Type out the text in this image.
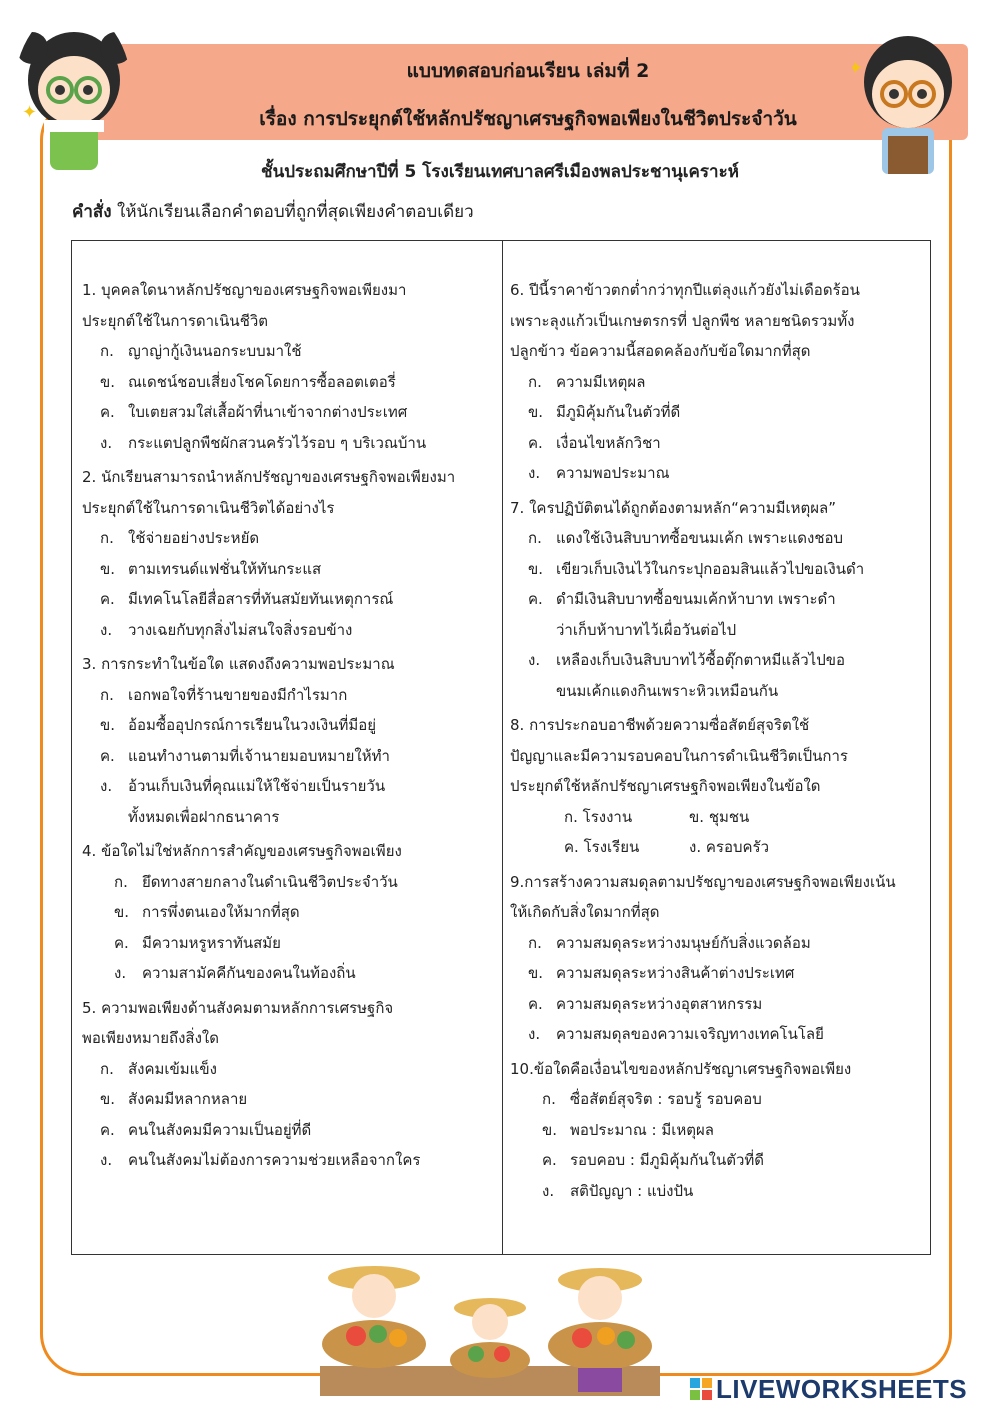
แบบทดสอบก่อนเรียน เล่มที่ 2
เรื่อง การประยุกต์ใช้หลักปรัชญาเศรษฐกิจพอเพียงในชีวิตประจำวัน
✦
✦
ชั้นประถมศึกษาปีที่ 5 โรงเรียนเทศบาลศรีเมืองพลประชานุเคราะห์
คำสั่ง ให้นักเรียนเลือกคำตอบที่ถูกที่สุดเพียงคำตอบเดียว
1. บุคคลใดนาหลักปรัชญาของเศรษฐกิจพอเพียงมา
ประยุกต์ใช้ในการดาเนินชีวิต
ก. ญาญ่ากู้เงินนอกระบบมาใช้
ข. ณเดชน์ชอบเสี่ยงโชคโดยการซื้อลอตเตอรี่
ค. ใบเตยสวมใส่เสื้อผ้าที่นาเข้าจากต่างประเทศ
ง. กระแตปลูกพืชผักสวนครัวไว้รอบ ๆ บริเวณบ้าน
2. นักเรียนสามารถนำหลักปรัชญาของเศรษฐกิจพอเพียงมา
ประยุกต์ใช้ในการดาเนินชีวิตได้อย่างไร
ก. ใช้จ่ายอย่างประหยัด
ข. ตามเทรนด์แฟชั่นให้ทันกระแส
ค. มีเทคโนโลยีสื่อสารที่ทันสมัยทันเหตุการณ์
ง. วางเฉยกับทุกสิ่งไม่สนใจสิ่งรอบข้าง
3. การกระทำในข้อใด แสดงถึงความพอประมาณ
ก. เอกพอใจที่ร้านขายของมีกำไรมาก
ข. อ้อมซื้ออุปกรณ์การเรียนในวงเงินที่มีอยู่
ค. แอนทำงานตามที่เจ้านายมอบหมายให้ทำ
ง. อ้วนเก็บเงินที่คุณแม่ให้ใช้จ่ายเป็นรายวัน
ทั้งหมดเพื่อฝากธนาคาร
4. ข้อใดไม่ใช่หลักการสำคัญของเศรษฐกิจพอเพียง
ก. ยึดทางสายกลางในดำเนินชีวิตประจำวัน
ข. การพึ่งตนเองให้มากที่สุด
ค. มีความหรูหราทันสมัย
ง. ความสามัคคีกันของคนในท้องถิ่น
5. ความพอเพียงด้านสังคมตามหลักการเศรษฐกิจ
พอเพียงหมายถึงสิ่งใด
ก. สังคมเข้มแข็ง
ข. สังคมมีหลากหลาย
ค. คนในสังคมมีความเป็นอยู่ที่ดี
ง. คนในสังคมไม่ต้องการความช่วยเหลือจากใคร
6. ปีนี้ราคาข้าวตกต่ำกว่าทุกปีแต่ลุงแก้วยังไม่เดือดร้อน
เพราะลุงแก้วเป็นเกษตรกรที่ ปลูกพืช หลายชนิดรวมทั้ง
ปลูกข้าว ข้อความนี้สอดคล้องกับข้อใดมากที่สุด
ก. ความมีเหตุผล
ข. มีภูมิคุ้มกันในตัวที่ดี
ค. เงื่อนไขหลักวิชา
ง. ความพอประมาณ
7. ใครปฏิบัติตนได้ถูกต้องตามหลัก“ความมีเหตุผล”
ก. แดงใช้เงินสิบบาทซื้อขนมเค้ก เพราะแดงชอบ
ข. เขียวเก็บเงินไว้ในกระปุกออมสินแล้วไปขอเงินดำ
ค. ดำมีเงินสิบบาทซื้อขนมเค้กห้าบาท เพราะดำ
ว่าเก็บห้าบาทไว้เผื่อวันต่อไป
ง. เหลืองเก็บเงินสิบบาทไว้ซื้อตุ๊กตาหมีแล้วไปขอ
ขนมเค้กแดงกินเพราะหิวเหมือนกัน
8. การประกอบอาชีพด้วยความซื่อสัตย์สุจริตใช้
ปัญญาและมีความรอบคอบในการดำเนินชีวิตเป็นการ
ประยุกต์ใช้หลักปรัชญาเศรษฐกิจพอเพียงในข้อใด
ก. โรงงาน	ข. ชุมชน
ค. โรงเรียน	ง. ครอบครัว
9.การสร้างความสมดุลตามปรัชญาของเศรษฐกิจพอเพียงเน้น
ให้เกิดกับสิ่งใดมากที่สุด
ก. ความสมดุลระหว่างมนุษย์กับสิ่งแวดล้อม
ข. ความสมดุลระหว่างสินค้าต่างประเทศ
ค. ความสมดุลระหว่างอุตสาหกรรม
ง. ความสมดุลของความเจริญทางเทคโนโลยี
10.ข้อใดคือเงื่อนไขของหลักปรัชญาเศรษฐกิจพอเพียง
ก. ซื่อสัตย์สุจริต : รอบรู้ รอบคอบ
ข. พอประมาณ : มีเหตุผล
ค. รอบคอบ : มีภูมิคุ้มกันในตัวที่ดี
ง. สติปัญญา : แบ่งปัน
LIVEWORKSHEETS
